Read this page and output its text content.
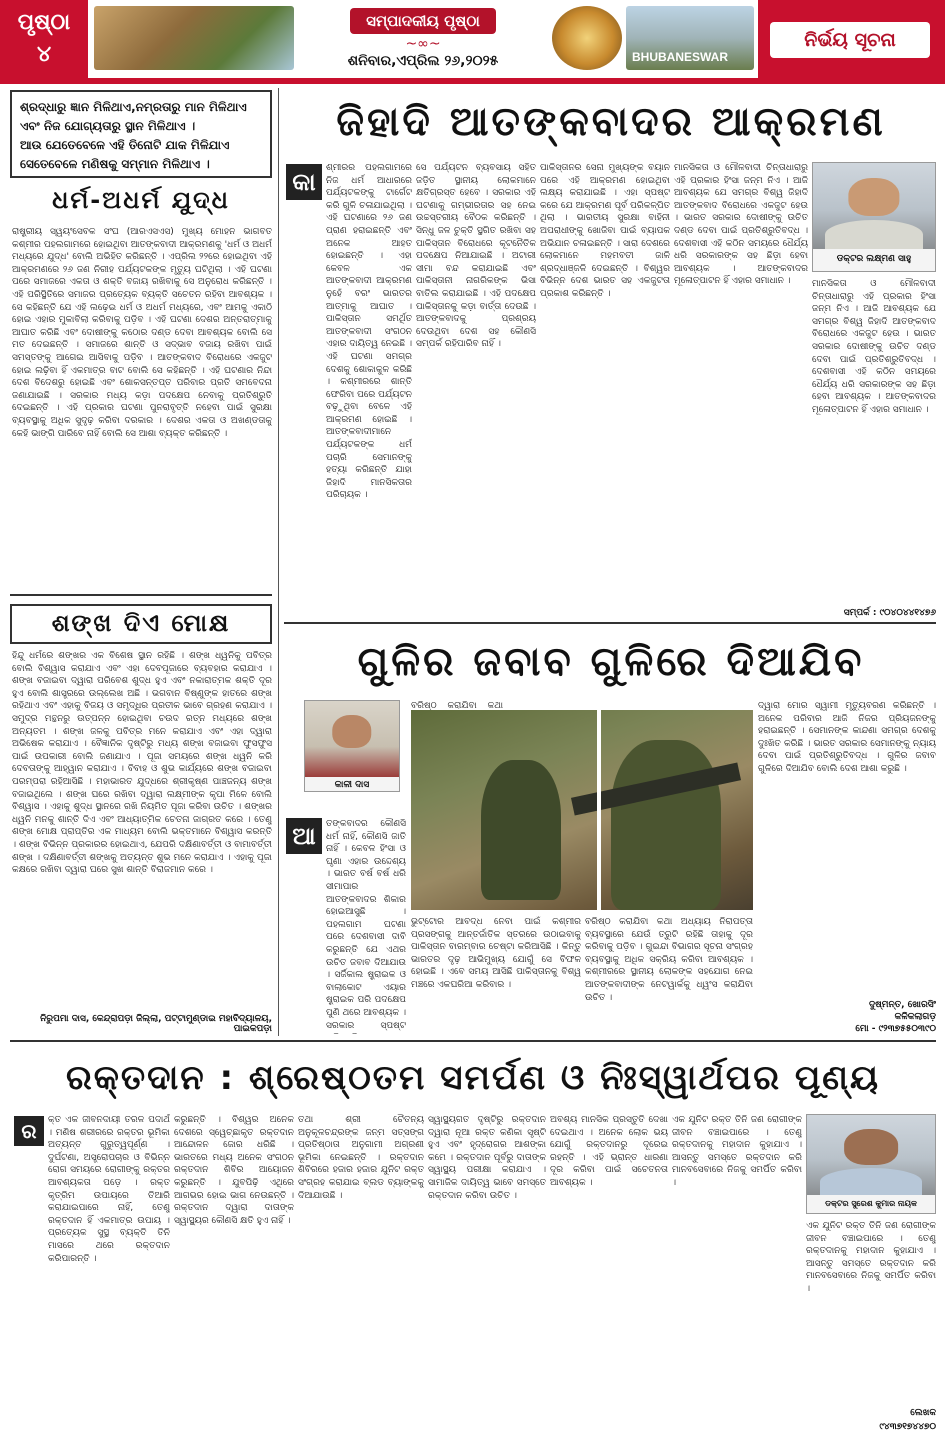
ପୃଷ୍ଠା
୪
ସମ୍ପାଦକୀୟ ପୃଷ୍ଠା
~∞~
ଶନିବାର,ଏପ୍ରିଲ ୨୬,୨୦୨୫	BHUBANESWAR
ନିର୍ଭୟ ସୂଚନା
ଶ୍ରଦ୍ଧାରୁ ଜ୍ଞାନ ମିଳିଥାଏ,ନମ୍ରତାରୁ ମାନ ମିଳିଥାଏ
ଏବଂ ନିଜ ଯୋଗ୍ୟତାରୁ ସ୍ଥାନ ମିଳିଥାଏ ।
ଆଉ ଯେତେବେଳେ ଏହି ତିନୋଟି ଯାକ ମିଳିଯାଏ
ସେତେବେଳେ ମଣିଷକୁ ସମ୍ମାନ ମିଳିଥାଏ ।
ଧର୍ମ-ଅଧର୍ମ ଯୁଦ୍ଧ
ରାଷ୍ଟ୍ରୀୟ ସ୍ୱୟଂସେବକ ସଂଘ (ଆରଏସଏସ) ମୁଖ୍ୟ ମୋହନ ଭାଗବତ କଶ୍ମୀର ପହଲଗାମରେ ହୋଇଥିବା ଆତଙ୍କବାଦୀ ଆକ୍ରମଣକୁ 'ଧର୍ମ ଓ ଅଧର୍ମ ମଧ୍ୟରେ ଯୁଦ୍ଧ' ବୋଲି ଅଭିହିତ କରିଛନ୍ତି । ଏପ୍ରିଲ ୨୨ରେ ହୋଇଥିବା ଏହି ଆକ୍ରମଣରେ ୨୬ ଜଣ ନିରୀହ ପର୍ଯ୍ୟଟକଙ୍କ ମୃତ୍ୟୁ ଘଟିଥିଲା । ଏହି ଘଟଣା ପରେ ସମାଜରେ ଏକତା ଓ ଶକ୍ତି ବଜାୟ ରଖିବାକୁ ସେ ଅନୁରୋଧ କରିଛନ୍ତି । ଏହି ପରିସ୍ଥିତିରେ ସମାଜର ପ୍ରତ୍ୟେକ ବ୍ୟକ୍ତି ସଚେତନ ରହିବା ଆବଶ୍ୟକ । ସେ କହିଛନ୍ତି ଯେ ଏହି ଲଢ଼େଇ ଧର୍ମ ଓ ଅଧର୍ମ ମଧ୍ୟରେ, ଏବଂ ଆମକୁ ଏକାଠି ହୋଇ ଏହାର ମୁକାବିଲା କରିବାକୁ ପଡ଼ିବ । ଏହି ଘଟଣା ଦେଶର ଅନ୍ତରାତ୍ମାକୁ ଆଘାତ କରିଛି ଏବଂ ଦୋଷୀଙ୍କୁ କଠୋର ଦଣ୍ଡ ଦେବା ଆବଶ୍ୟକ ବୋଲି ସେ ମତ ଦେଇଛନ୍ତି । ସମାଜରେ ଶାନ୍ତି ଓ ସଦ୍ଭାବ ବଜାୟ ରଖିବା ପାଇଁ ସମସ୍ତଙ୍କୁ ଆଗେଇ ଆସିବାକୁ ପଡ଼ିବ । ଆତଙ୍କବାଦ ବିରୋଧରେ ଏକଜୁଟ ହୋଇ ଲଢ଼ିବା ହିଁ ଏକମାତ୍ର ବାଟ ବୋଲି ସେ କହିଛନ୍ତି । ଏହି ଘଟଣାର ନିନ୍ଦା ଦେଶ ବିଦେଶରୁ ହୋଇଛି ଏବଂ ଶୋକସନ୍ତପ୍ତ ପରିବାର ପ୍ରତି ସମବେଦନା ଜଣାଯାଇଛି । ସରକାର ମଧ୍ୟ କଡ଼ା ପଦକ୍ଷେପ ନେବାକୁ ପ୍ରତିଶ୍ରୁତି ଦେଇଛନ୍ତି । ଏହି ପ୍ରକାର ଘଟଣା ପୁନରାବୃତ୍ତି ନହେବା ପାଇଁ ସୁରକ୍ଷା ବ୍ୟବସ୍ଥାକୁ ଅଧିକ ସୁଦୃଢ଼ କରିବା ଦରକାର । ଦେଶର ଏକତା ଓ ଅଖଣ୍ଡତାକୁ କେହି ଭାଙ୍ଗି ପାରିବେ ନାହିଁ ବୋଲି ସେ ଆଶା ବ୍ୟକ୍ତ କରିଛନ୍ତି ।
ଶଙ୍ଖ ଦିଏ ମୋକ୍ଷ
ହିନ୍ଦୁ ଧର୍ମରେ ଶଙ୍ଖର ଏକ ବିଶେଷ ସ୍ଥାନ ରହିଛି । ଶଙ୍ଖ ଧ୍ୱନିକୁ ପବିତ୍ର ବୋଲି ବିଶ୍ୱାସ କରାଯାଏ ଏବଂ ଏହା ଦେବପୂଜାରେ ବ୍ୟବହାର କରାଯାଏ । ଶଙ୍ଖ ବଜାଇବା ଦ୍ୱାରା ପରିବେଶ ଶୁଦ୍ଧ ହୁଏ ଏବଂ ନକାରାତ୍ମକ ଶକ୍ତି ଦୂର ହୁଏ ବୋଲି ଶାସ୍ତ୍ରରେ ଉଲ୍ଲେଖ ଅଛି । ଭଗବାନ ବିଷ୍ଣୁଙ୍କ ହାତରେ ଶଙ୍ଖ ରହିଥାଏ ଏବଂ ଏହାକୁ ବିଜୟ ଓ ସମୃଦ୍ଧିର ପ୍ରତୀକ ଭାବେ ଗ୍ରହଣ କରାଯାଏ । ସମୁଦ୍ର ମନ୍ଥନରୁ ଉତ୍ପନ୍ନ ହୋଇଥିବା ଚଉଦ ରତ୍ନ ମଧ୍ୟରେ ଶଙ୍ଖ ଅନ୍ୟତମ । ଶଙ୍ଖ ଜଳକୁ ପବିତ୍ର ମନେ କରାଯାଏ ଏବଂ ଏହା ଦ୍ୱାରା ଅଭିଷେକ କରାଯାଏ । ବୈଜ୍ଞାନିକ ଦୃଷ୍ଟିରୁ ମଧ୍ୟ ଶଙ୍ଖ ବଜାଇବା ଫୁସଫୁସ ପାଇଁ ଉପକାରୀ ବୋଲି ଜଣାଯାଏ । ପୂଜା ସମୟରେ ଶଙ୍ଖ ଧ୍ୱନି କରି ଦେବତାଙ୍କୁ ଆହ୍ୱାନ କରାଯାଏ । ବିବାହ ଓ ଶୁଭ କାର୍ଯ୍ୟରେ ଶଙ୍ଖ ବଜାଇବା ପରମ୍ପରା ରହିଆସିଛି । ମହାଭାରତ ଯୁଦ୍ଧରେ ଶ୍ରୀକୃଷ୍ଣ ପାଞ୍ଚଜନ୍ୟ ଶଙ୍ଖ ବଜାଇଥିଲେ । ଶଙ୍ଖ ଘରେ ରଖିବା ଦ୍ୱାରା ଲକ୍ଷ୍ମୀଙ୍କ କୃପା ମିଳେ ବୋଲି ବିଶ୍ୱାସ । ଏହାକୁ ଶୁଦ୍ଧ ସ୍ଥାନରେ ରଖି ନିୟମିତ ପୂଜା କରିବା ଉଚିତ । ଶଙ୍ଖର ଧ୍ୱନି ମନକୁ ଶାନ୍ତି ଦିଏ ଏବଂ ଆଧ୍ୟାତ୍ମିକ ଚେତନା ଜାଗ୍ରତ କରେ । ତେଣୁ ଶଙ୍ଖ ମୋକ୍ଷ ପ୍ରାପ୍ତିର ଏକ ମାଧ୍ୟମ ବୋଲି ଭକ୍ତମାନେ ବିଶ୍ୱାସ କରନ୍ତି । ଶଙ୍ଖ ବିଭିନ୍ନ ପ୍ରକାରର ହୋଇଥାଏ, ଯେପରି ଦକ୍ଷିଣାବର୍ତ୍ତୀ ଓ ବାମାବର୍ତ୍ତୀ ଶଙ୍ଖ । ଦକ୍ଷିଣାବର୍ତ୍ତୀ ଶଙ୍ଖକୁ ଅତ୍ୟନ୍ତ ଶୁଭ ମନେ କରାଯାଏ । ଏହାକୁ ପୂଜା କକ୍ଷରେ ରଖିବା ଦ୍ୱାରା ଘରେ ସୁଖ ଶାନ୍ତି ବିରାଜମାନ କରେ ।
ନିରୁପମା ଦାସ, କେନ୍ଦ୍ରାପଡ଼ା ଜିଲ୍ଲା, ପଟ୍ଟାମୁଣ୍ଡାଇ ମହାବିଦ୍ୟାଳୟ, ପାଇକପଡ଼ା
ଜିହାଦି ଆତଙ୍କବାଦର ଆକ୍ରମଣ
କା	ଶ୍ମୀରର ପହଲଗାମରେ ନିଜ ଧର୍ମ ଆଧାରରେ ପର୍ଯ୍ୟଟକଙ୍କୁ ଟାର୍ଗେଟ କରି ଗୁଳି ଚଳାଯାଇଥିଲା । ଏହି ଘଟଣାରେ ୨୬ ଜଣ ପ୍ରାଣ ହରାଇଛନ୍ତି ଏବଂ ଅନେକ ଆହତ ହୋଇଛନ୍ତି । ଏହା କେବଳ ଏକ ଆତଙ୍କବାଦୀ ଆକ୍ରମଣ ନୁହେଁ ବରଂ ଭାରତର ଆତ୍ମାକୁ ଆଘାତ । ପାକିସ୍ତାନ ସମର୍ଥିତ ଆତଙ୍କବାଦୀ ସଂଗଠନ ଏହାର ଦାୟିତ୍ୱ ନେଇଛି । ଏହି ଘଟଣା ସମଗ୍ର ଦେଶକୁ ଶୋକାକୁଳ କରିଛି । କଶ୍ମୀରରେ ଶାନ୍ତି ଫେରିବା ପରେ ପର୍ଯ୍ୟଟନ ବଢ଼ୁଥିବା ବେଳେ ଏହି ଆକ୍ରମଣ ହୋଇଛି । ଆତଙ୍କବାଦୀମାନେ ପର୍ଯ୍ୟଟକଙ୍କ ଧର୍ମ ପଚାରି ସେମାନଙ୍କୁ ହତ୍ୟା କରିଛନ୍ତି ଯାହା ଜିହାଦି ମାନସିକତାର ପରିଚାୟକ ।
ସେ ପର୍ଯ୍ୟଟନ ବ୍ୟବସାୟ ସହିତ ଜଡ଼ିତ ସ୍ଥାନୀୟ ଲୋକମାନେ କ୍ଷତିଗ୍ରସ୍ତ ହେବେ । ସରକାର ଏହି ଘଟଣାକୁ ଗମ୍ଭୀରତାର ସହ ନେଇ ଉଚ୍ଚସ୍ତରୀୟ ବୈଠକ କରିଛନ୍ତି । ସିନ୍ଧୁ ଜଳ ଚୁକ୍ତି ସ୍ଥଗିତ ରଖିବା ସହ ପାକିସ୍ତାନ ବିରୋଧରେ କୂଟନୈତିକ ପଦକ୍ଷେପ ନିଆଯାଇଛି । ଅଟାରୀ ସୀମା ବନ୍ଦ କରାଯାଇଛି ଏବଂ ପାକିସ୍ତାନୀ ନାଗରିକଙ୍କ ଭିସା ବାତିଲ କରାଯାଇଛି । ଏହି ପଦକ୍ଷେପ ପାକିସ୍ତାନକୁ କଡ଼ା ବାର୍ତ୍ତା ଦେଉଛି । ଆତଙ୍କବାଦକୁ ପ୍ରଶ୍ରୟ ଦେଉଥିବା ଦେଶ ସହ କୌଣସି ସମ୍ପର୍କ ରହିପାରିବ ନାହିଁ ।
ପାକିସ୍ତାନର ସେନା ମୁଖ୍ୟଙ୍କ ବୟାନ ପରେ ଏହି ଆକ୍ରମଣ ହୋଇଥିବା ଲକ୍ଷ୍ୟ କରାଯାଇଛି । ଏହା ସ୍ପଷ୍ଟ କରେ ଯେ ଆକ୍ରମଣ ପୂର୍ବ ପରିକଳ୍ପିତ ଥିଲା । ଭାରତୀୟ ସୁରକ୍ଷା ବାହିନୀ ଅପରାଧୀଙ୍କୁ ଖୋଜିବା ପାଇଁ ବ୍ୟାପକ ଅଭିଯାନ ଚଳାଇଛନ୍ତି । ସାରା ଦେଶରେ ଲୋକମାନେ ମହମବତୀ ଜାଳି ଶ୍ରଦ୍ଧାଞ୍ଜଳି ଦେଇଛନ୍ତି । ବିଶ୍ୱର ବିଭିନ୍ନ ଦେଶ ଭାରତ ସହ ଏକଜୁଟତା ପ୍ରକାଶ କରିଛନ୍ତି ।
ମାନସିକତା ଓ ମୌଳବାଦୀ ଚିନ୍ତାଧାରାରୁ ଏହି ପ୍ରକାର ହିଂସା ଜନ୍ମ ନିଏ । ଆଜି ଆବଶ୍ୟକ ଯେ ସମଗ୍ର ବିଶ୍ୱ ଜିହାଦି ଆତଙ୍କବାଦ ବିରୋଧରେ ଏକଜୁଟ ହେଉ । ଭାରତ ସରକାର ଦୋଷୀଙ୍କୁ ଉଚିତ ଦଣ୍ଡ ଦେବା ପାଇଁ ପ୍ରତିଶ୍ରୁତିବଦ୍ଧ । ଦେଶବାସୀ ଏହି କଠିନ ସମୟରେ ଧୈର୍ଯ୍ୟ ଧରି ସରକାରଙ୍କ ସହ ଛିଡ଼ା ହେବା ଆବଶ୍ୟକ । ଆତଙ୍କବାଦର ମୂଳୋତ୍ପାଟନ ହିଁ ଏହାର ସମାଧାନ ।
ଡକ୍ଟର ଲକ୍ଷ୍ମଣ ସାହୁ
ମାନସିକତା ଓ ମୌଳବାଦୀ ଚିନ୍ତାଧାରାରୁ ଏହି ପ୍ରକାର ହିଂସା ଜନ୍ମ ନିଏ । ଆଜି ଆବଶ୍ୟକ ଯେ ସମଗ୍ର ବିଶ୍ୱ ଜିହାଦି ଆତଙ୍କବାଦ ବିରୋଧରେ ଏକଜୁଟ ହେଉ । ଭାରତ ସରକାର ଦୋଷୀଙ୍କୁ ଉଚିତ ଦଣ୍ଡ ଦେବା ପାଇଁ ପ୍ରତିଶ୍ରୁତିବଦ୍ଧ । ଦେଶବାସୀ ଏହି କଠିନ ସମୟରେ ଧୈର୍ଯ୍ୟ ଧରି ସରକାରଙ୍କ ସହ ଛିଡ଼ା ହେବା ଆବଶ୍ୟକ । ଆତଙ୍କବାଦର ମୂଳୋତ୍ପାଟନ ହିଁ ଏହାର ସମାଧାନ ।
ସମ୍ପର୍କ : ୯୦୪୦୪୪୧୪୭୬
ଗୁଳିର ଜବାବ ଗୁଳିରେ ଦିଆଯିବ
କାଳୀ ଦାସ
ଆ	ତଙ୍କବାଦର କୌଣସି ଧର୍ମ ନାହିଁ, କୌଣସି ଜାତି ନାହିଁ । କେବଳ ହିଂସା ଓ ଘୃଣା ଏହାର ଉଦ୍ଦେଶ୍ୟ । ଭାରତ ବର୍ଷ ବର୍ଷ ଧରି ସୀମାପାର ଆତଙ୍କବାଦର ଶିକାର ହୋଇଆସୁଛି । ପହଲଗାମ ଘଟଣା ପରେ ଦେଶବାସୀ ଦାବି କରୁଛନ୍ତି ଯେ ଏଥର ଉଚିତ ଜବାବ ଦିଆଯାଉ । ସର୍ଜିକାଲ ଷ୍ଟ୍ରାଇକ ଓ ବାଲାକୋଟ ଏୟାର ଷ୍ଟ୍ରାଇକ ପରି ପଦକ୍ଷେପ ପୁଣି ଥରେ ଆବଶ୍ୟକ । ସରକାର ସ୍ପଷ୍ଟ
ବରିଷ୍ଠ କରାଯିବା କଥା
ଭୁଟ୍ଟୋର ଆବଦ୍ଧ ନେବା ପାଇଁ କଶ୍ମୀର ପ୍ରସଙ୍ଗକୁ ଆନ୍ତର୍ଜାତିକ ସ୍ତରରେ ଉଠାଇବାକୁ ପାକିସ୍ତାନ ବାରମ୍ବାର ଚେଷ୍ଟା କରିଆସିଛି । କିନ୍ତୁ ଭାରତର ଦୃଢ଼ ଆଭିମୁଖ୍ୟ ଯୋଗୁଁ ସେ ବିଫଳ ହୋଇଛି । ଏବେ ସମୟ ଆସିଛି ପାକିସ୍ତାନକୁ ବିଶ୍ୱ ମଞ୍ଚରେ ଏକଘରିଆ କରିବାର ।
ବରିଷ୍ଠ କରାଯିବା କଥା ଅଧ୍ୟାୟ ନିରାପତ୍ତା ବ୍ୟବସ୍ଥାରେ ଯେଉଁ ତ୍ରୁଟି ରହିଛି ତାହାକୁ ଦୂର କରିବାକୁ ପଡ଼ିବ । ଗୁଇନ୍ଦା ବିଭାଗର ସୂଚନା ସଂଗ୍ରହ ବ୍ୟବସ୍ଥାକୁ ଅଧିକ ସକ୍ରିୟ କରିବା ଆବଶ୍ୟକ । କଶ୍ମୀରରେ ସ୍ଥାନୀୟ ଲୋକଙ୍କ ସହଯୋଗ ନେଇ ଆତଙ୍କବାଦୀଙ୍କ ନେଟୱାର୍କକୁ ଧ୍ୱଂସ କରାଯିବା ଉଚିତ ।
ଦ୍ୱାରା ମୋର ସ୍ୱାମୀ ମୃତ୍ୟୁବରଣ କରିଛନ୍ତି । ଅନେକ ପରିବାର ଆଜି ନିଜର ପ୍ରିୟଜନଙ୍କୁ ହରାଇଛନ୍ତି । ସେମାନଙ୍କ କାନ୍ଦଣା ସମଗ୍ର ଦେଶକୁ ଦୁଃଖିତ କରିଛି । ଭାରତ ସରକାର ସେମାନଙ୍କୁ ନ୍ୟାୟ ଦେବା ପାଇଁ ପ୍ରତିଶ୍ରୁତିବଦ୍ଧ । ଗୁଳିର ଜବାବ ଗୁଳିରେ ଦିଆଯିବ ବୋଲି ଦେଶ ଆଶା କରୁଛି ।
ଦୁଷ୍ମନ୍ତ, ଖୋରସିଂ
କଳିକଲାଗଡ଼
ମୋ - ୯୨୩୭୫୫୦୩୯୦
ରକ୍ତଦାନ : ଶ୍ରେଷ୍ଠତମ ସମର୍ପଣ ଓ ନିଃସ୍ୱାର୍ଥପର ପୂଣ୍ୟ
ର	କ୍ତ ଏକ ଜୀବନଦାୟୀ ତରଳ ପଦାର୍ଥ । ମଣିଷ ଶରୀରରେ ରକ୍ତର ଭୂମିକା ଅତ୍ୟନ୍ତ ଗୁରୁତ୍ୱପୂର୍ଣ୍ଣ । ଦୁର୍ଘଟଣା, ଅସ୍ତ୍ରୋପଚାର ଓ ବିଭିନ୍ନ ରୋଗ ସମୟରେ ରୋଗୀଙ୍କୁ ରକ୍ତର ଆବଶ୍ୟକତା ପଡ଼େ । ରକ୍ତ କୃତ୍ରିମ ଉପାୟରେ ତିଆରି କରାଯାଇପାରେ ନାହିଁ, ତେଣୁ ରକ୍ତଦାନ ହିଁ ଏକମାତ୍ର ଉପାୟ । ପ୍ରତ୍ୟେକ ସୁସ୍ଥ ବ୍ୟକ୍ତି ତିନି ମାସରେ ଥରେ ରକ୍ତଦାନ କରିପାରନ୍ତି ।
କରୁଛନ୍ତି । ବିଶ୍ୱର ଅନେକ ଦେଶରେ ସ୍ୱେଚ୍ଛାକୃତ ରକ୍ତଦାନ ଆନ୍ଦୋଳନ ଜୋର ଧରିଛି । ଭାରତରେ ମଧ୍ୟ ଅନେକ ସଂଗଠନ ରକ୍ତଦାନ ଶିବିର ଆୟୋଜନ କରୁଛନ୍ତି । ଯୁବପିଢ଼ି ଏଥିରେ ଆଗଭର ହୋଇ ଭାଗ ନେଉଛନ୍ତି । ରକ୍ତଦାନ ଦ୍ୱାରା ଦାତାଙ୍କ ସ୍ୱାସ୍ଥ୍ୟର କୌଣସି କ୍ଷତି ହୁଏ ନାହିଁ ।
ତଥା ଶ୍ରୀ ଚୈତନ୍ୟ ଅନୁକୂଳଚନ୍ଦ୍ରଙ୍କ ଜନ୍ମ ସତ୍ସଙ୍ଗ ପ୍ରତିଷ୍ଠାତା ଅନୁଗାମୀ ଅଗ୍ରଣୀ ଭୂମିକା ନେଇଛନ୍ତି । ରକ୍ତଦାନ ଶିବିରରେ ହଜାର ହଜାର ଯୁନିଟ ରକ୍ତ ସଂଗ୍ରହ କରାଯାଇ ବ୍ଲଡ ବ୍ୟାଙ୍କକୁ ଦିଆଯାଉଛି ।
ସ୍ୱାସ୍ଥ୍ୟଗତ ଦୃଷ୍ଟିରୁ ରକ୍ତଦାନ ଦ୍ୱାରା ନୂଆ ରକ୍ତ କଣିକା ସୃଷ୍ଟି ହୁଏ ଏବଂ ହୃଦ୍‌ରୋଗର ଆଶଙ୍କା କମେ । ରକ୍ତଦାନ ପୂର୍ବରୁ ଦାତାଙ୍କ ସ୍ୱାସ୍ଥ୍ୟ ପରୀକ୍ଷା କରାଯାଏ । ସାମାଜିକ ଦାୟିତ୍ୱ ଭାବେ ସମସ୍ତେ ରକ୍ତଦାନ କରିବା ଉଚିତ ।
ଅବଶ୍ୟ ମାନସିକ ପ୍ରସ୍ତୁତି ଦେଖା ଦେଇଥାଏ । ଅନେକ ଲୋକ ଭୟ ଯୋଗୁଁ ରକ୍ତଦାନରୁ ଦୂରେଇ ରହନ୍ତି । ଏହି ଭ୍ରାନ୍ତ ଧାରଣା ଦୂର କରିବା ପାଇଁ ସଚେତନତା ଆବଶ୍ୟକ ।
ଏକ ଯୁନିଟ ରକ୍ତ ତିନି ଜଣ ରୋଗୀଙ୍କ ଜୀବନ ବଞ୍ଚାଇପାରେ । ତେଣୁ ରକ୍ତଦାନକୁ ମହାଦାନ କୁହାଯାଏ । ଆସନ୍ତୁ ସମସ୍ତେ ରକ୍ତଦାନ କରି ମାନବସେବାରେ ନିଜକୁ ସମର୍ପିତ କରିବା ।
ଡକ୍ଟର ସୁରେଶ କୁମାର ନାୟକ
ଏକ ଯୁନିଟ ରକ୍ତ ତିନି ଜଣ ରୋଗୀଙ୍କ ଜୀବନ ବଞ୍ଚାଇପାରେ । ତେଣୁ ରକ୍ତଦାନକୁ ମହାଦାନ କୁହାଯାଏ । ଆସନ୍ତୁ ସମସ୍ତେ ରକ୍ତଦାନ କରି ମାନବସେବାରେ ନିଜକୁ ସମର୍ପିତ କରିବା ।
ଲେଖକ
୯୪୩୭୧୭୪୪୭୦
